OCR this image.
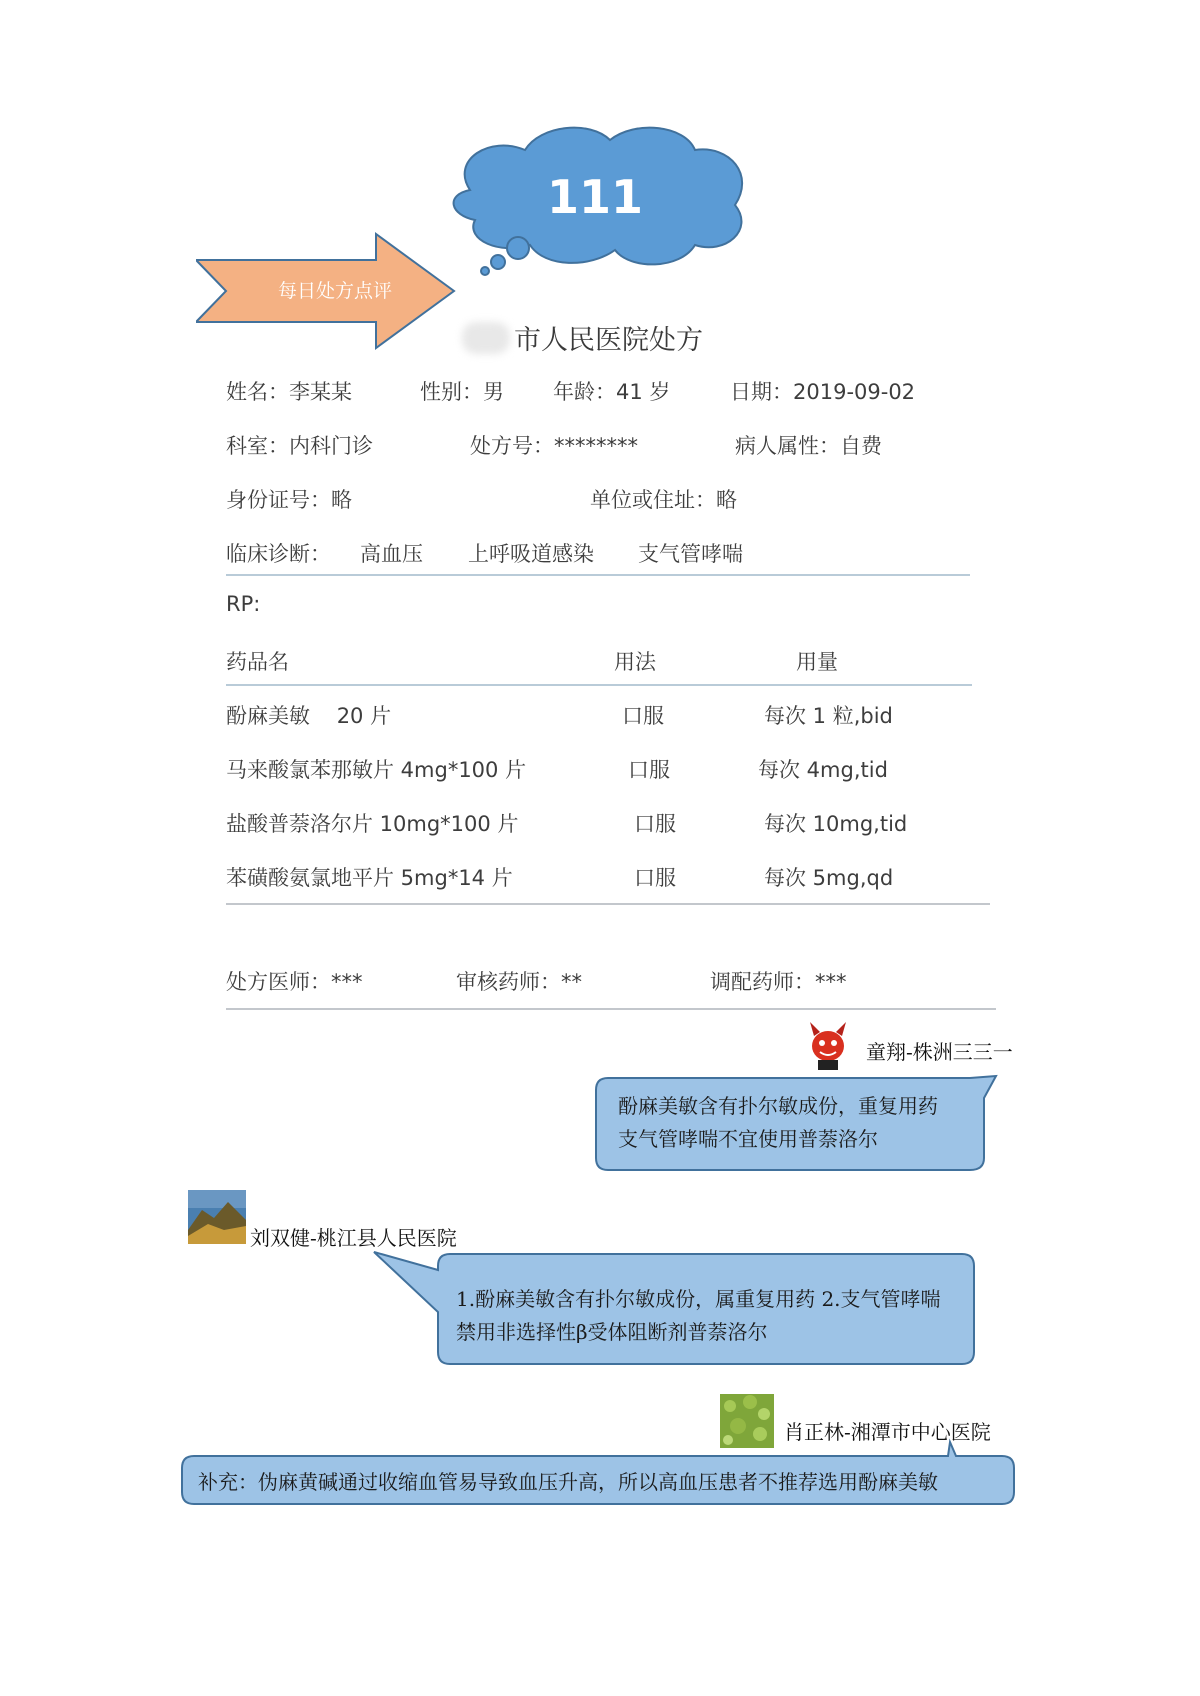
111
每日处方点评
市人民医院处方
姓名：李某某	性别：男 年龄：41 岁	日期：2019-09-02
科室：内科门诊	处方号：********	病人属性：自费
身份证号：略	单位或住址：略
临床诊断： 高血压 上呼吸道感染 支气管哮喘
RP:
药品名	用法	用量
酚麻美敏    20 片	口服	每次 1 粒,bid
马来酸氯苯那敏片 4mg*100 片	口服	每次 4mg,tid
盐酸普萘洛尔片 10mg*100 片	口服	每次 10mg,tid
苯磺酸氨氯地平片 5mg*14 片	口服	每次 5mg,qd
处方医师：***	审核药师：**	调配药师：***
童翔-株洲三三一
酚麻美敏含有扑尔敏成份，重复用药
支气管哮喘不宜使用普萘洛尔
刘双健-桃江县人民医院
1.酚麻美敏含有扑尔敏成份，属重复用药 2.支气管哮喘
禁用非选择性β受体阻断剂普萘洛尔
肖正林-湘潭市中心医院
补充：伪麻黄碱通过收缩血管易导致血压升高，所以高血压患者不推荐选用酚麻美敏
